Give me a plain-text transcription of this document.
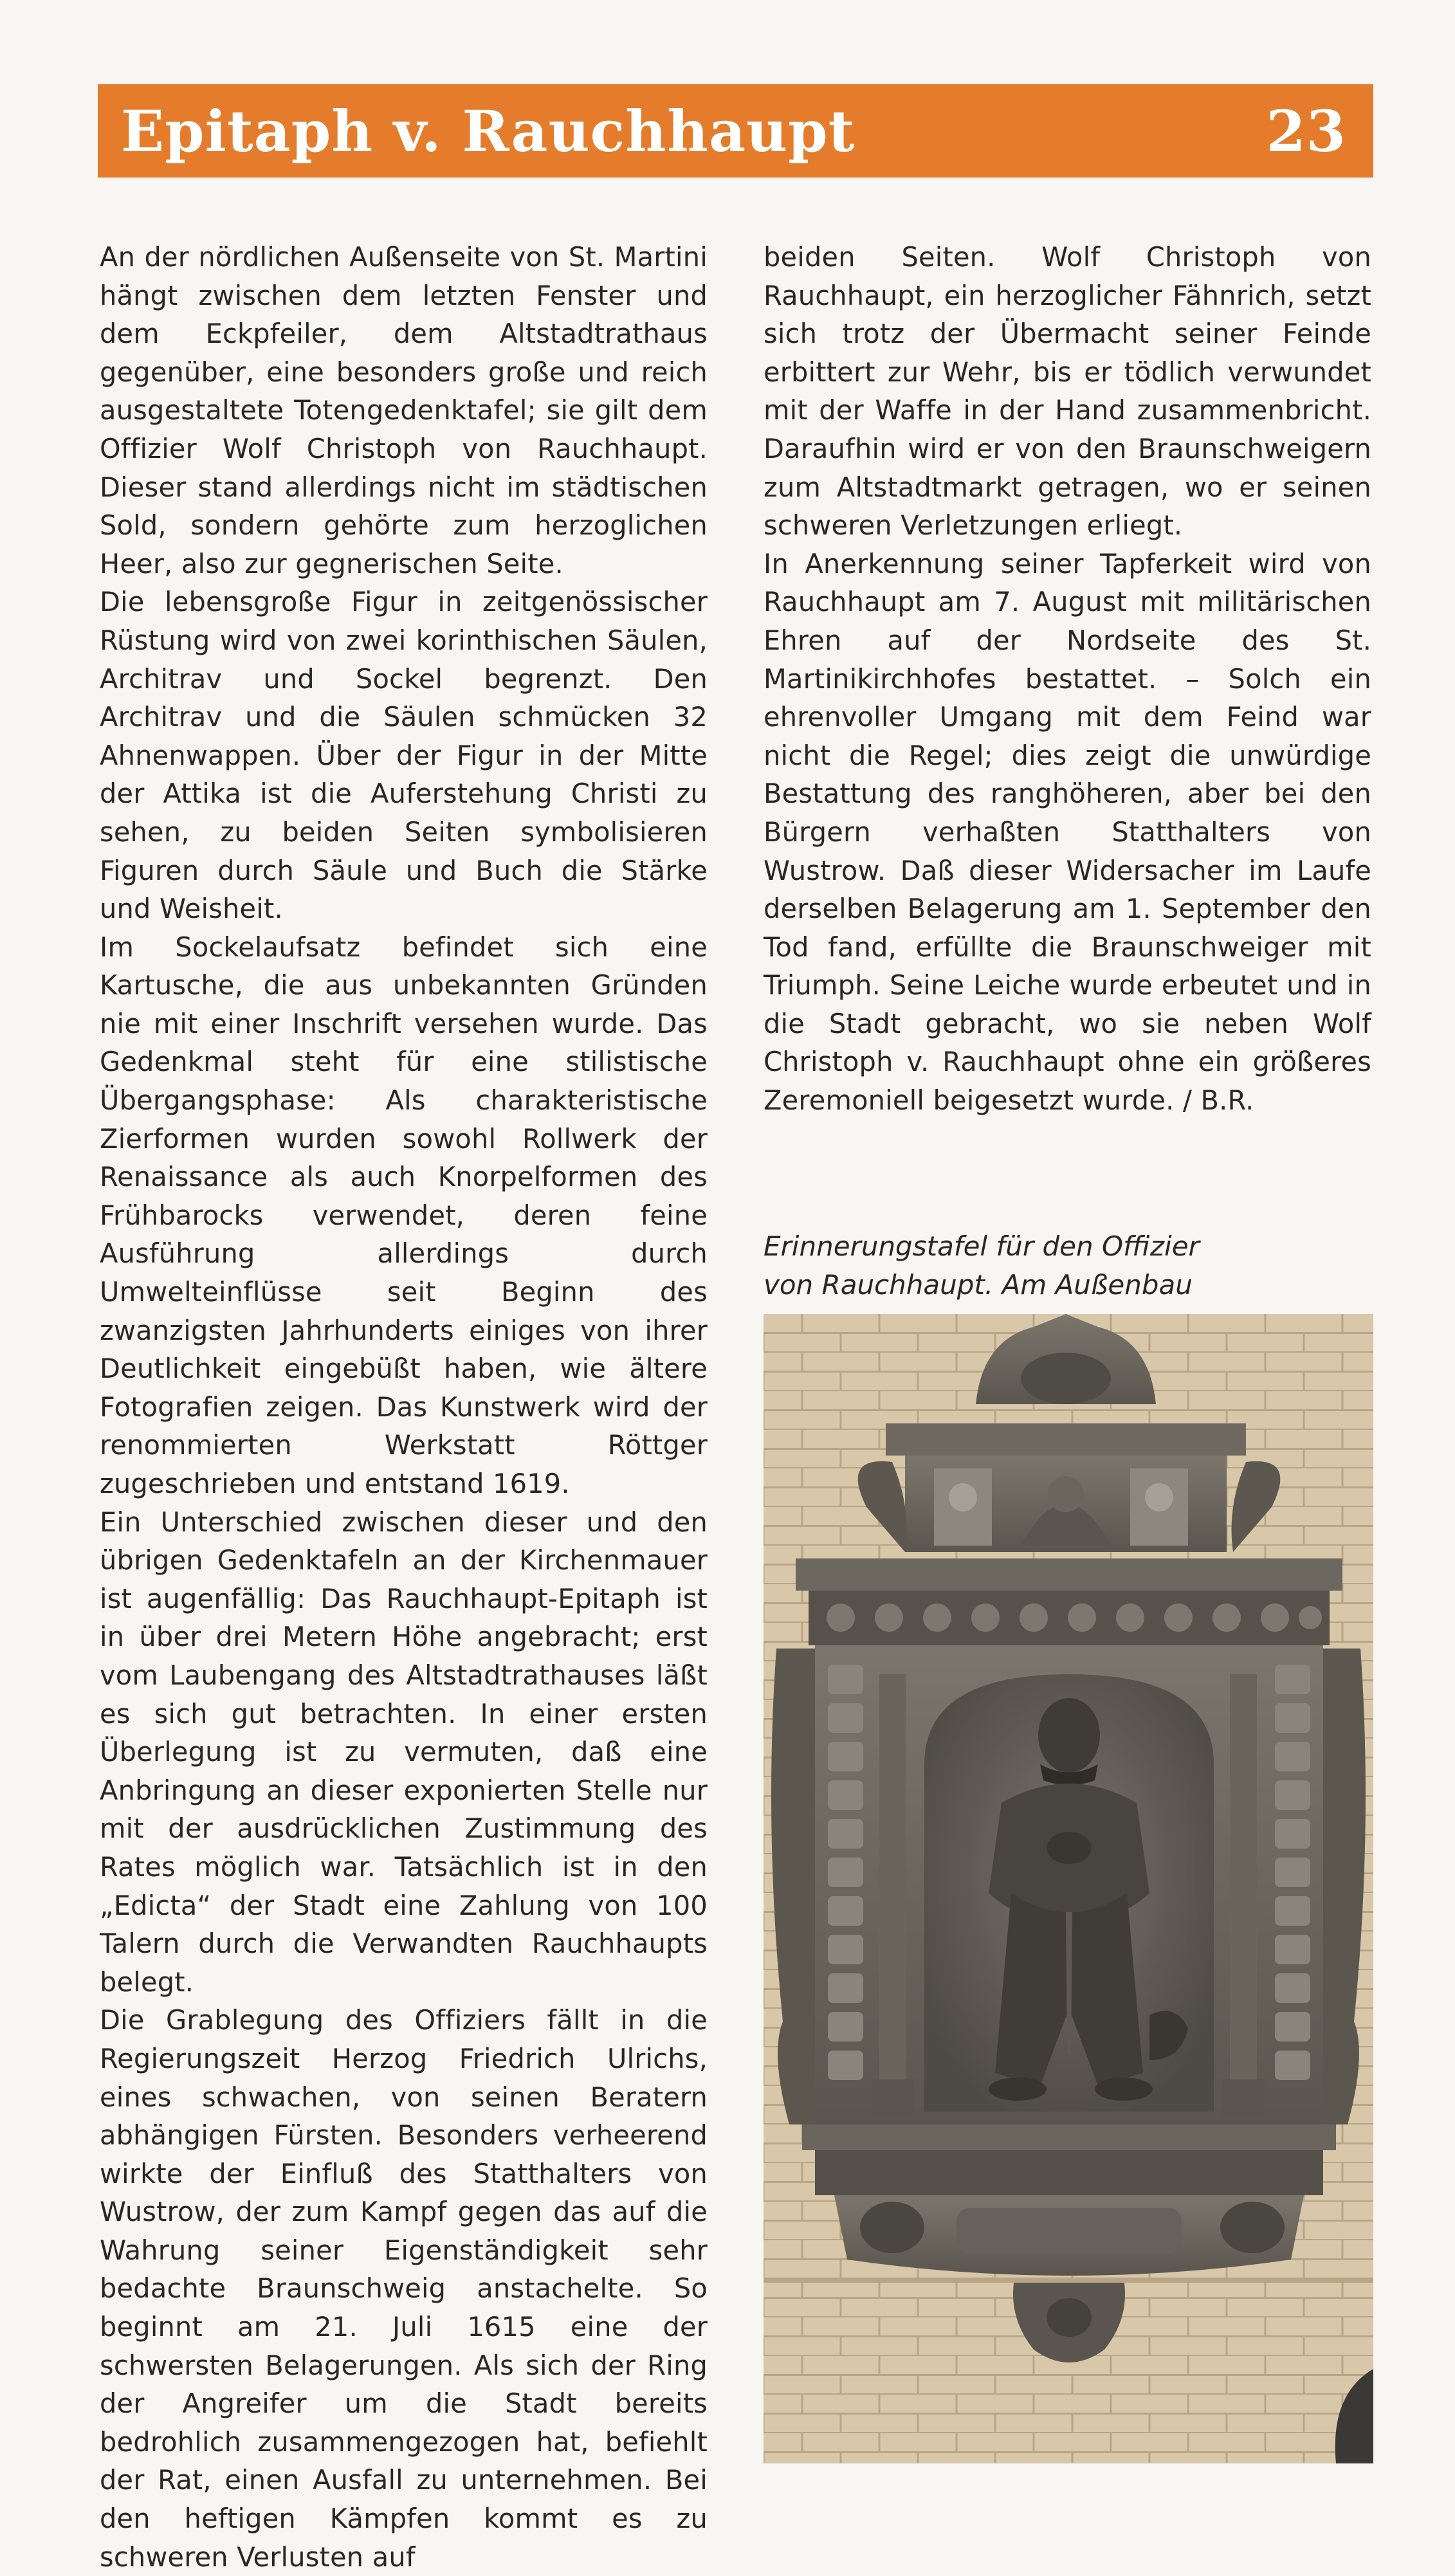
Epitaph v. Rauchhaupt	23

An der nördlichen Außenseite von St. Martini hängt zwischen dem letzten Fenster und dem Eckpfeiler, dem Altstadtrathaus gegenüber, eine besonders große und reich ausgestaltete Totengedenktafel; sie gilt dem Offizier Wolf Christoph von Rauchhaupt. Dieser stand allerdings nicht im städtischen Sold, sondern gehörte zum herzoglichen Heer, also zur gegnerischen Seite.

Die lebensgroße Figur in zeitgenössischer Rüstung wird von zwei korinthischen Säulen, Architrav und Sockel begrenzt. Den Architrav und die Säulen schmücken 32 Ahnenwappen. Über der Figur in der Mitte der Attika ist die Auferstehung Christi zu sehen, zu beiden Seiten symbolisieren Figuren durch Säule und Buch die Stärke und Weisheit.

Im Sockelaufsatz befindet sich eine Kartusche, die aus unbekannten Gründen nie mit einer Inschrift versehen wurde. Das Gedenkmal steht für eine stilistische Übergangsphase: Als charakteristische Zierformen wurden sowohl Rollwerk der Renaissance als auch Knorpelformen des Frühbarocks verwendet, deren feine Ausführung allerdings durch Umwelteinflüsse seit Beginn des zwanzigsten Jahrhunderts einiges von ihrer Deutlichkeit eingebüßt haben, wie ältere Fotografien zeigen. Das Kunstwerk wird der renommierten Werkstatt Röttger zugeschrieben und entstand 1619.

Ein Unterschied zwischen dieser und den übrigen Gedenktafeln an der Kirchenmauer ist augenfällig: Das Rauchhaupt-Epitaph ist in über drei Metern Höhe angebracht; erst vom Laubengang des Altstadtrathauses läßt es sich gut betrachten. In einer ersten Überlegung ist zu vermuten, daß eine Anbringung an dieser exponierten Stelle nur mit der ausdrücklichen Zustimmung des Rates möglich war. Tatsächlich ist in den „Edicta“ der Stadt eine Zahlung von 100 Talern durch die Verwandten Rauchhaupts belegt.

Die Grablegung des Offiziers fällt in die Regierungszeit Herzog Friedrich Ulrichs, eines schwachen, von seinen Beratern abhängigen Fürsten. Besonders verheerend wirkte der Einfluß des Statthalters von Wustrow, der zum Kampf gegen das auf die Wahrung seiner Eigenständigkeit sehr bedachte Braunschweig anstachelte. So beginnt am 21. Juli 1615 eine der schwersten Belagerungen. Als sich der Ring der Angreifer um die Stadt bereits bedrohlich zusammengezogen hat, befiehlt der Rat, einen Ausfall zu unternehmen. Bei den heftigen Kämpfen kommt es zu schweren Verlusten auf

beiden Seiten. Wolf Christoph von Rauchhaupt, ein herzoglicher Fähnrich, setzt sich trotz der Übermacht seiner Feinde erbittert zur Wehr, bis er tödlich verwundet mit der Waffe in der Hand zusammenbricht. Daraufhin wird er von den Braunschweigern zum Altstadtmarkt getragen, wo er seinen schweren Verletzungen erliegt.

In Anerkennung seiner Tapferkeit wird von Rauchhaupt am 7. August mit militärischen Ehren auf der Nordseite des St. Martinikirchhofes bestattet. – Solch ein ehrenvoller Umgang mit dem Feind war nicht die Regel; dies zeigt die unwürdige Bestattung des ranghöheren, aber bei den Bürgern verhaßten Statthalters von Wustrow. Daß dieser Widersacher im Laufe derselben Belagerung am 1. September den Tod fand, erfüllte die Braunschweiger mit Triumph. Seine Leiche wurde erbeutet und in die Stadt gebracht, wo sie neben Wolf Christoph v. Rauchhaupt ohne ein größeres Zeremoniell beigesetzt wurde. / B.R.

Erinnerungstafel für den Offizier
von Rauchhaupt. Am Außenbau
